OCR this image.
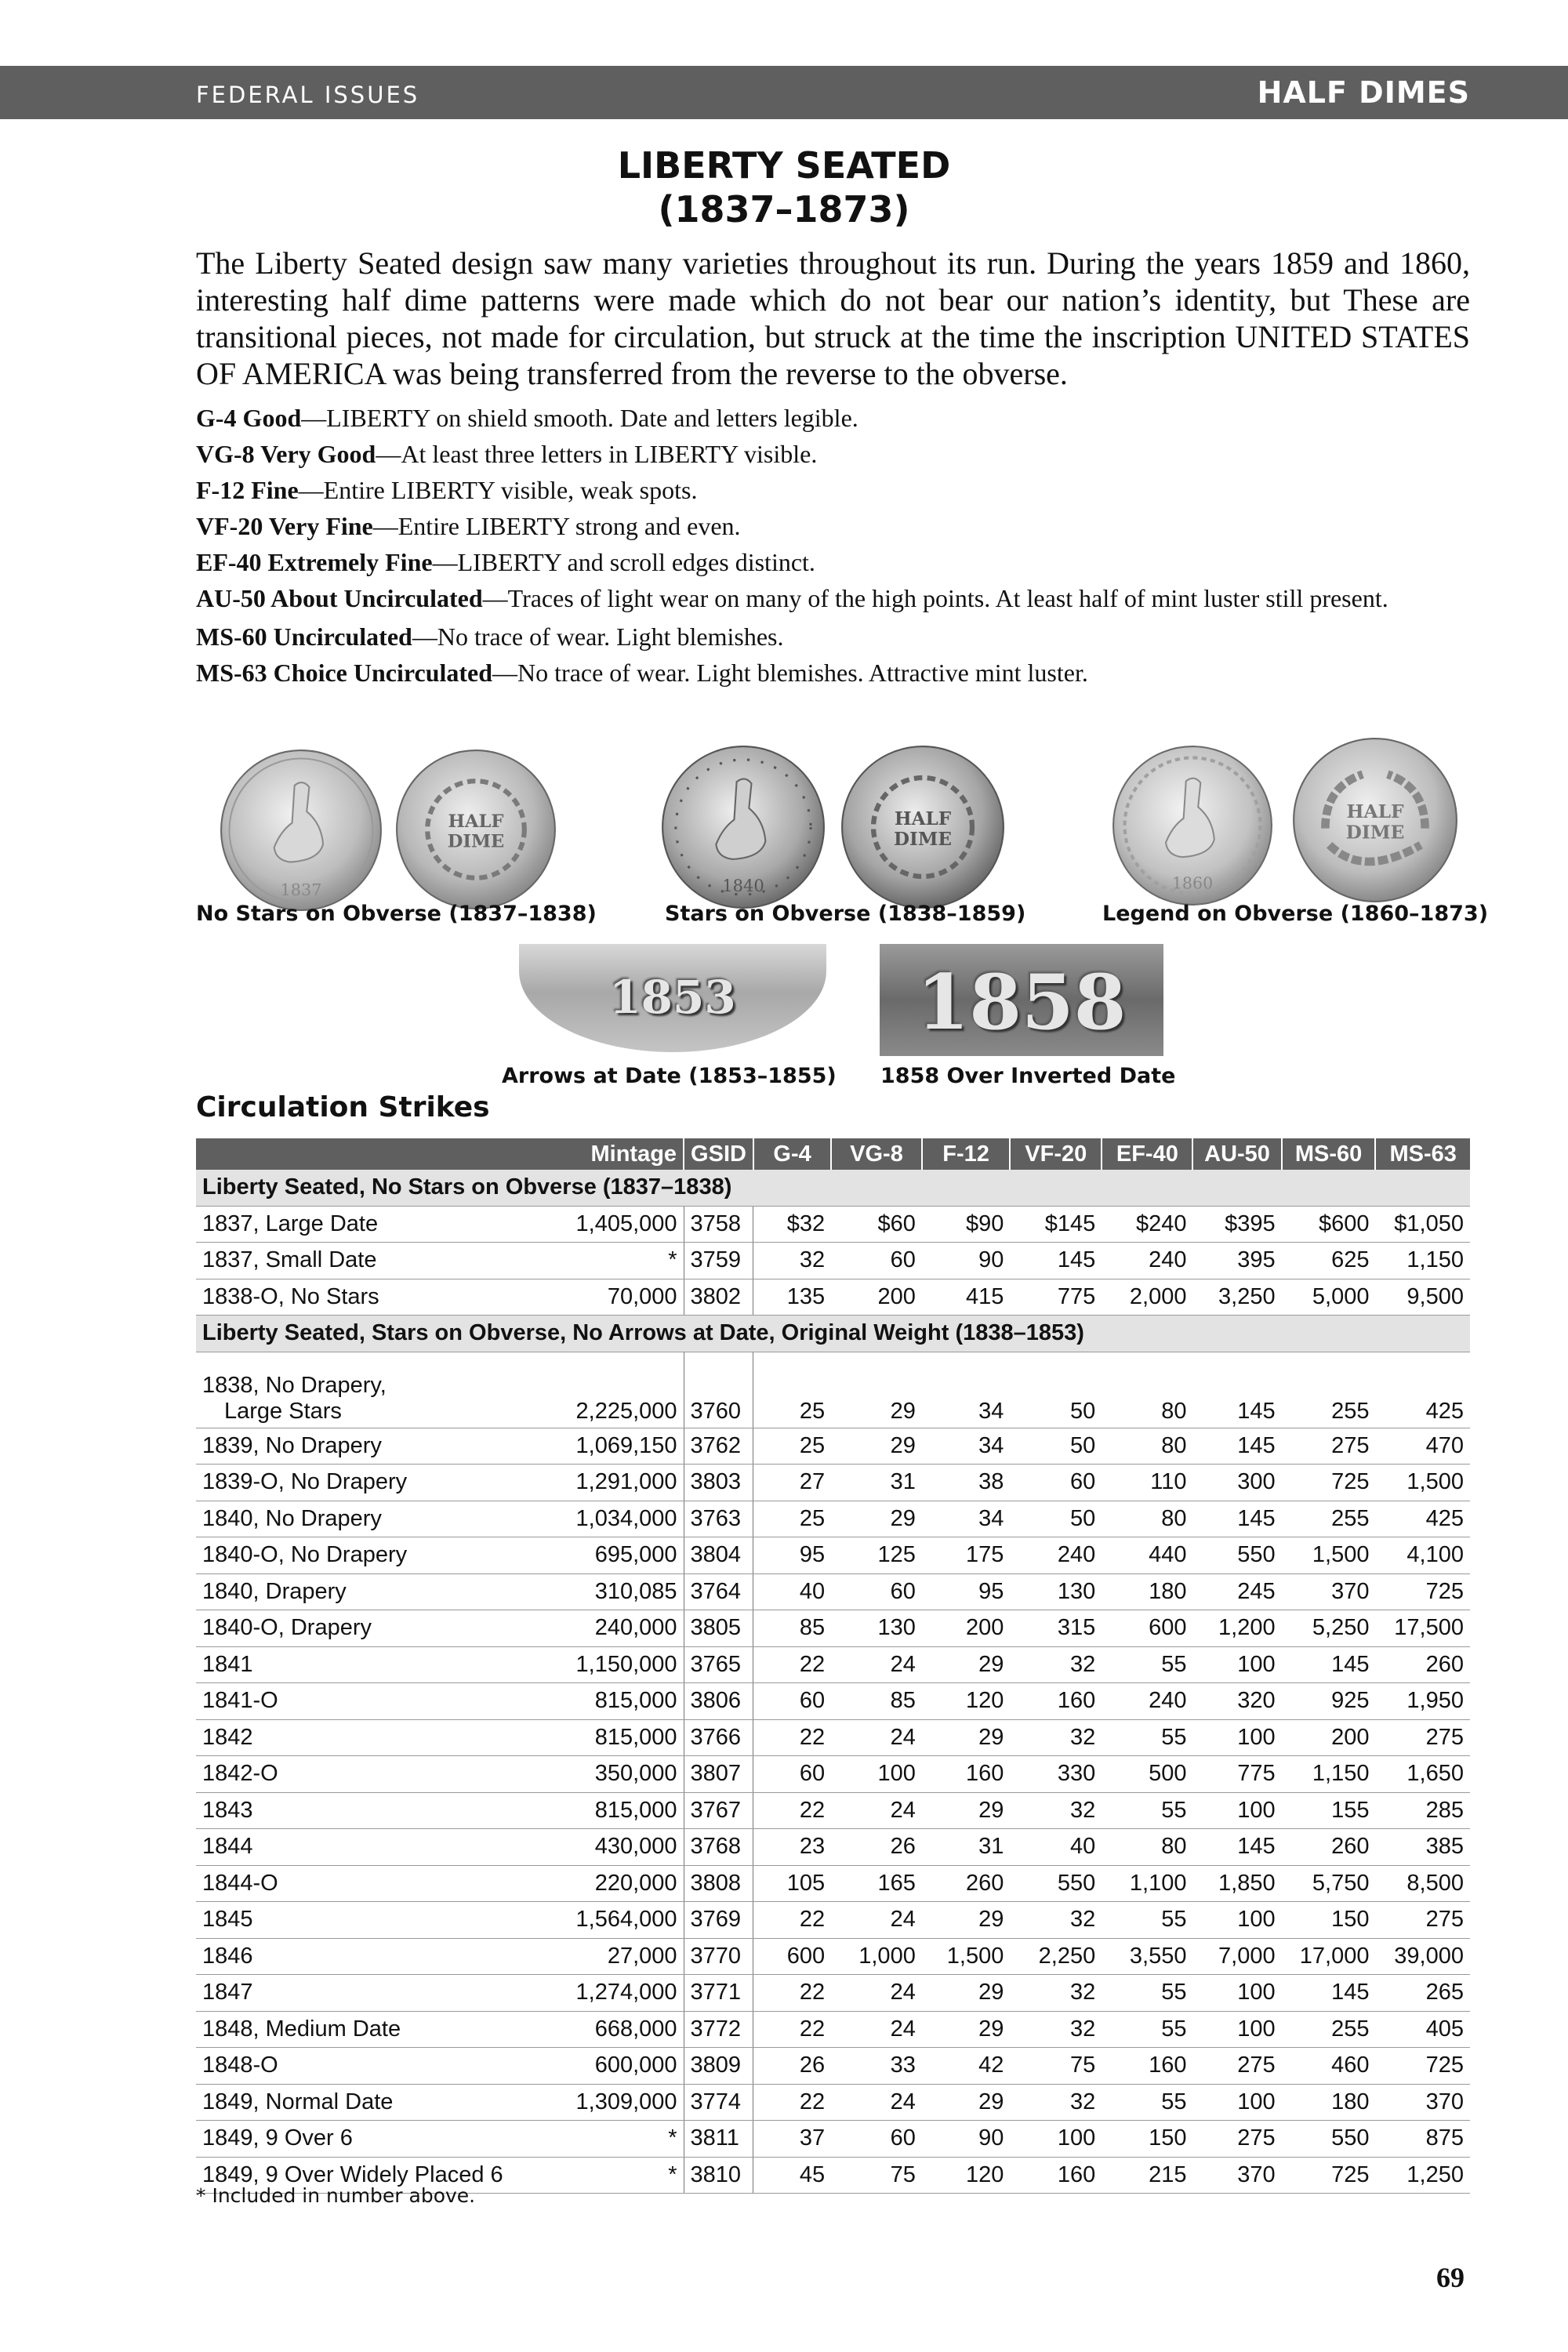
FEDERAL ISSUES	HALF DIMES
LIBERTY SEATED
(1837–1873)

The Liberty Seated design saw many varieties throughout its run. During the years 1859 and 1860, interesting half dime patterns were made which do not bear our nation’s identity, but These are transitional pieces, not made for circulation, but struck at the time the inscription UNITED STATES OF AMERICA was being transferred from the reverse to the obverse.

G-4 Good—LIBERTY on shield smooth. Date and letters legible.
VG-8 Very Good—At least three letters in LIBERTY visible.
F-12 Fine—Entire LIBERTY visible, weak spots.
VF-20 Very Fine—Entire LIBERTY strong and even.
EF-40 Extremely Fine—LIBERTY and scroll edges distinct.
AU-50 About Uncirculated—Traces of light wear on many of the high points. At least half of mint luster still present.
MS-60 Uncirculated—No trace of wear. Light blemishes.
MS-63 Choice Uncirculated—No trace of wear. Light blemishes. Attractive mint luster.
1837
HALF
DIME
1840
HALF
DIME
1860
HALF
DIME
No Stars on Obverse (1837–1838)	Stars on Obverse (1838–1859)	Legend on Obverse (1860–1873)
1853	1858
Arrows at Date (1853–1855) 1858 Over Inverted Date
Circulation Strikes
Mintage		GSID	G-4	VG-8	F-12	VF-20	EF-40	AU-50	MS-60	MS-63
Liberty Seated, No Stars on Obverse (1837–1838)										
1837, Large Date	1,405,000	3758	$32	$60	$90	$145	$240	$395	$600	$1,050
1837, Small Date	*	3759	32	60	90	145	240	395	625	1,150
1838-O, No Stars	70,000	3802	135	200	415	775	2,000	3,250	5,000	9,500
Liberty Seated, Stars on Obverse, No Arrows at Date, Original Weight (1838–1853)										

1838, No Drapery,
Large Stars	2,225,000	3760	25	29	34	50	80	145	255	425
1839, No Drapery	1,069,150	3762	25	29	34	50	80	145	275	470
1839-O, No Drapery	1,291,000	3803	27	31	38	60	110	300	725	1,500
1840, No Drapery	1,034,000	3763	25	29	34	50	80	145	255	425
1840-O, No Drapery	695,000	3804	95	125	175	240	440	550	1,500	4,100
1840, Drapery	310,085	3764	40	60	95	130	180	245	370	725
1840-O, Drapery	240,000	3805	85	130	200	315	600	1,200	5,250	17,500
1841	1,150,000	3765	22	24	29	32	55	100	145	260
1841-O	815,000	3806	60	85	120	160	240	320	925	1,950
1842	815,000	3766	22	24	29	32	55	100	200	275
1842-O	350,000	3807	60	100	160	330	500	775	1,150	1,650
1843	815,000	3767	22	24	29	32	55	100	155	285
1844	430,000	3768	23	26	31	40	80	145	260	385
1844-O	220,000	3808	105	165	260	550	1,100	1,850	5,750	8,500
1845	1,564,000	3769	22	24	29	32	55	100	150	275
1846	27,000	3770	600	1,000	1,500	2,250	3,550	7,000	17,000	39,000
1847	1,274,000	3771	22	24	29	32	55	100	145	265
1848, Medium Date	668,000	3772	22	24	29	32	55	100	255	405
1848-O	600,000	3809	26	33	42	75	160	275	460	725
1849, Normal Date	1,309,000	3774	22	24	29	32	55	100	180	370
1849, 9 Over 6	*	3811	37	60	90	100	150	275	550	875
1849, 9 Over Widely Placed 6	*	3810	45	75	120	160	215	370	725	1,250
* Included in number above.
69
